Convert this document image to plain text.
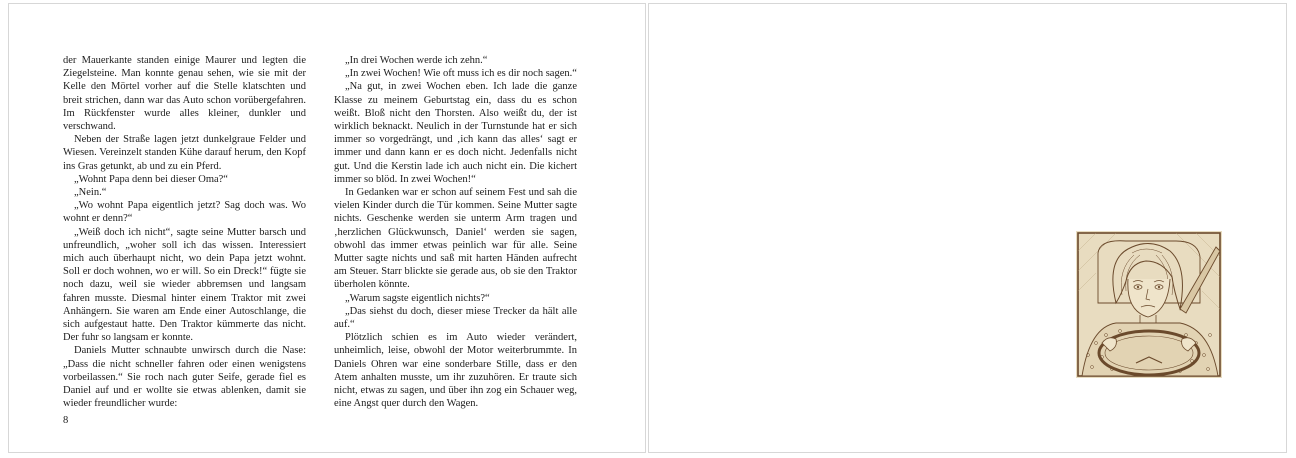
der Mauerkante standen einige Maurer und legten die Ziegelsteine. Man konnte genau sehen, wie sie mit der Kelle den Mörtel vorher auf die Stelle klatschten und breit strichen, dann war das Auto schon vorübergefahren. Im Rückfenster wurde alles kleiner, dunkler und verschwand.

Neben der Straße lagen jetzt dunkelgraue Felder und Wiesen. Vereinzelt standen Kühe darauf herum, den Kopf ins Gras getunkt, ab und zu ein Pferd.

„Wohnt Papa denn bei dieser Oma?“

„Nein.“

„Wo wohnt Papa eigentlich jetzt? Sag doch was. Wo wohnt er denn?“

„Weiß doch ich nicht“, sagte seine Mutter barsch und unfreundlich, „woher soll ich das wissen. Interessiert mich auch überhaupt nicht, wo dein Papa jetzt wohnt. Soll er doch wohnen, wo er will. So ein Dreck!“ fügte sie noch dazu, weil sie wieder abbremsen und langsam fahren musste. Diesmal hinter einem Traktor mit zwei Anhängern. Sie waren am Ende einer Autoschlange, die sich aufgestaut hatte. Den Traktor kümmerte das nicht. Der fuhr so langsam er konnte.

Daniels Mutter schnaubte unwirsch durch die Nase: „Dass die nicht schneller fahren oder einen wenigstens vorbeilassen.“ Sie roch nach guter Seife, gerade fiel es Daniel auf und er wollte sie etwas ablenken, damit sie wieder freundlicher wurde:

„In drei Wochen werde ich zehn.“

„In zwei Wochen! Wie oft muss ich es dir noch sagen.“

„Na gut, in zwei Wochen eben. Ich lade die ganze Klasse zu meinem Geburtstag ein, dass du es schon weißt. Bloß nicht den Thorsten. Also weißt du, der ist wirklich beknackt. Neulich in der Turnstunde hat er sich immer so vorgedrängt, und ‚ich kann das alles‘ sagt er immer und dann kann er es doch nicht. Jedenfalls nicht gut. Und die Kerstin lade ich auch nicht ein. Die kichert immer so blöd. In zwei Wochen!“

In Gedanken war er schon auf seinem Fest und sah die vielen Kinder durch die Tür kommen. Seine Mutter sagte nichts. Geschenke werden sie unterm Arm tragen und ‚herzlichen Glückwunsch, Daniel‘ werden sie sagen, obwohl das immer etwas peinlich war für alle. Seine Mutter sagte nichts und saß mit harten Händen aufrecht am Steuer. Starr blickte sie gerade aus, ob sie den Traktor überholen könnte.

„Warum sagste eigentlich nichts?“

„Das siehst du doch, dieser miese Trecker da hält alle auf.“

Plötzlich schien es im Auto wieder verändert, unheimlich, leise, obwohl der Motor weiterbrummte. In Daniels Ohren war eine sonderbare Stille, dass er den Atem anhalten musste, um ihr zuzuhören. Er traute sich nicht, etwas zu sagen, und über ihn zog ein Schauer weg, eine Angst quer durch den Wagen.

8
